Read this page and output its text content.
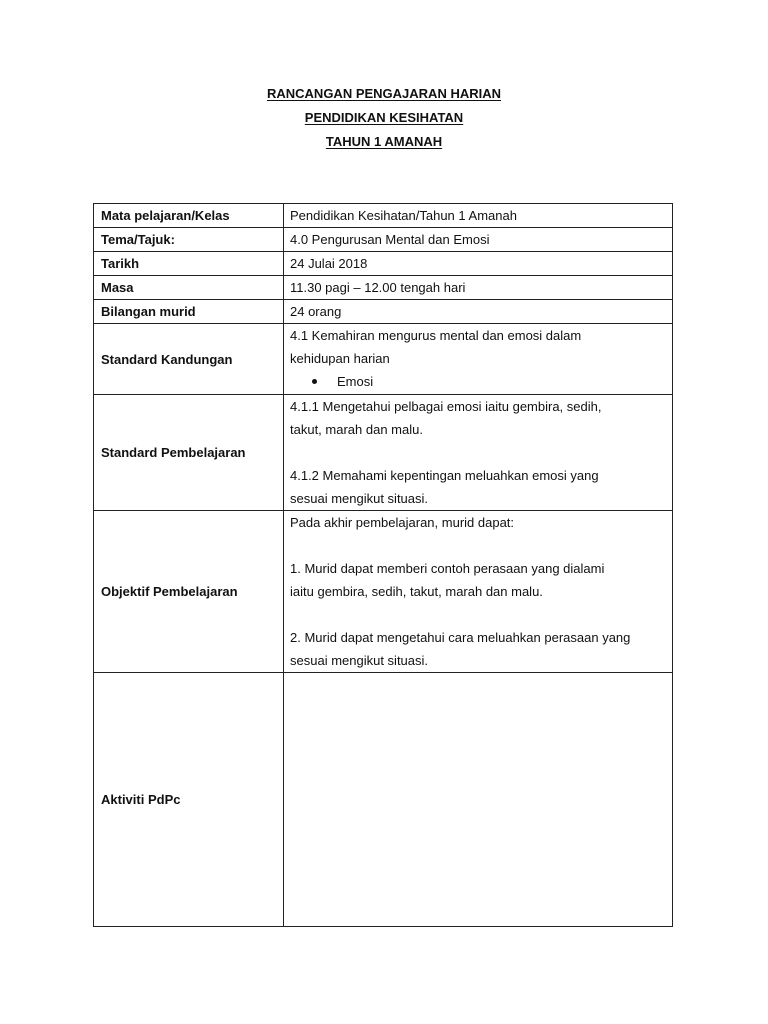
RANCANGAN PENGAJARAN HARIAN
PENDIDIKAN KESIHATAN
TAHUN 1 AMANAH
Mata pelajaran/Kelas	Pendidikan Kesihatan/Tahun 1 Amanah
Tema/Tajuk:	4.0 Pengurusan Mental dan Emosi
Tarikh	24 Julai 2018
Masa	11.30 pagi – 12.00 tengah hari
Bilangan murid	24 orang
Standard Kandungan	4.1 Kemahiran mengurus mental dan emosi dalam
kehidupan harian
Emosi

Standard Pembelajaran	4.1.1 Mengetahui pelbagai emosi iaitu gembira, sedih,
takut, marah dan malu.
4.1.2 Memahami kepentingan meluahkan emosi yang
sesuai mengikut situasi.

Objektif Pembelajaran	Pada akhir pembelajaran, murid dapat:
1. Murid dapat memberi contoh perasaan yang dialami
iaitu gembira, sedih, takut, marah dan malu.
2. Murid dapat mengetahui cara meluahkan perasaan yang
sesuai mengikut situasi.

Aktiviti PdPc	
